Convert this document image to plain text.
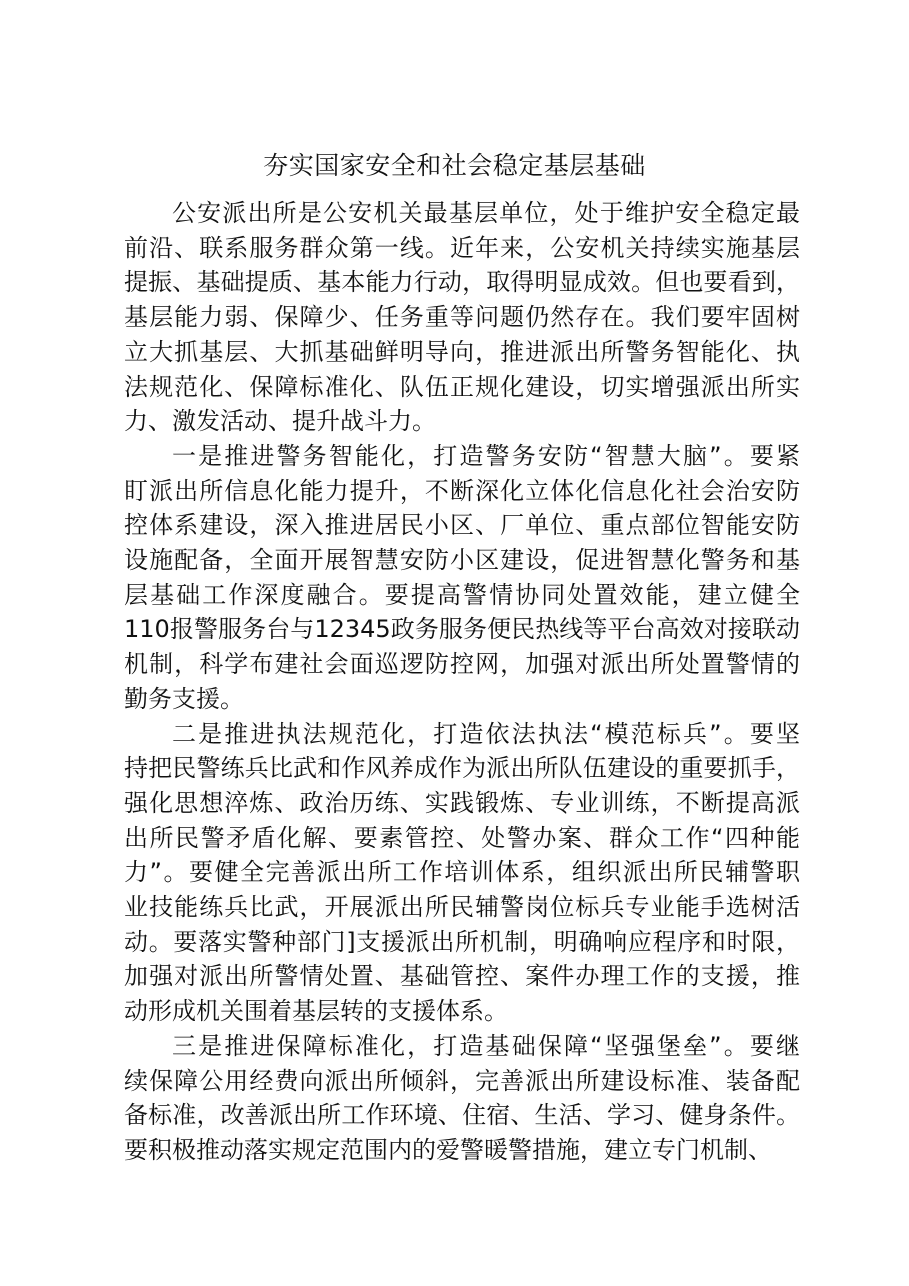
夯实国家安全和社会稳定基层基础
公安派出所是公安机关最基层单位，处于维护安全稳定最
前沿、联系服务群众第一线。近年来，公安机关持续实施基层
提振、基础提质、基本能力行动，取得明显成效。但也要看到，
基层能力弱、保障少、任务重等问题仍然存在。我们要牢固树
立大抓基层、大抓基础鲜明导向，推进派出所警务智能化、执
法规范化、保障标准化、队伍正规化建设，切实增强派出所实
力、激发活动、提升战斗力。
一是推进警务智能化，打造警务安防“智慧大脑”。要紧
盯派出所信息化能力提升，不断深化立体化信息化社会治安防
控体系建设，深入推进居民小区、厂单位、重点部位智能安防
设施配备，全面开展智慧安防小区建设，促进智慧化警务和基
层基础工作深度融合。要提高警情协同处置效能，建立健全
110报警服务台与12345政务服务便民热线等平台高效对接联动
机制，科学布建社会面巡逻防控网，加强对派出所处置警情的
勤务支援。
二是推进执法规范化，打造依法执法“模范标兵”。要坚
持把民警练兵比武和作风养成作为派出所队伍建设的重要抓手，
强化思想淬炼、政治历练、实践锻炼、专业训练，不断提高派
出所民警矛盾化解、要素管控、处警办案、群众工作“四种能
力”。要健全完善派出所工作培训体系，组织派出所民辅警职
业技能练兵比武，开展派出所民辅警岗位标兵专业能手选树活
动。要落实警种部门]支援派出所机制，明确响应程序和时限，
加强对派出所警情处置、基础管控、案件办理工作的支援，推
动形成机关围着基层转的支援体系。
三是推进保障标准化，打造基础保障“坚强堡垒”。要继
续保障公用经费向派出所倾斜，完善派出所建设标准、装备配
备标准，改善派出所工作环境、住宿、生活、学习、健身条件。
要积极推动落实规定范围内的爱警暖警措施，建立专门机制、
